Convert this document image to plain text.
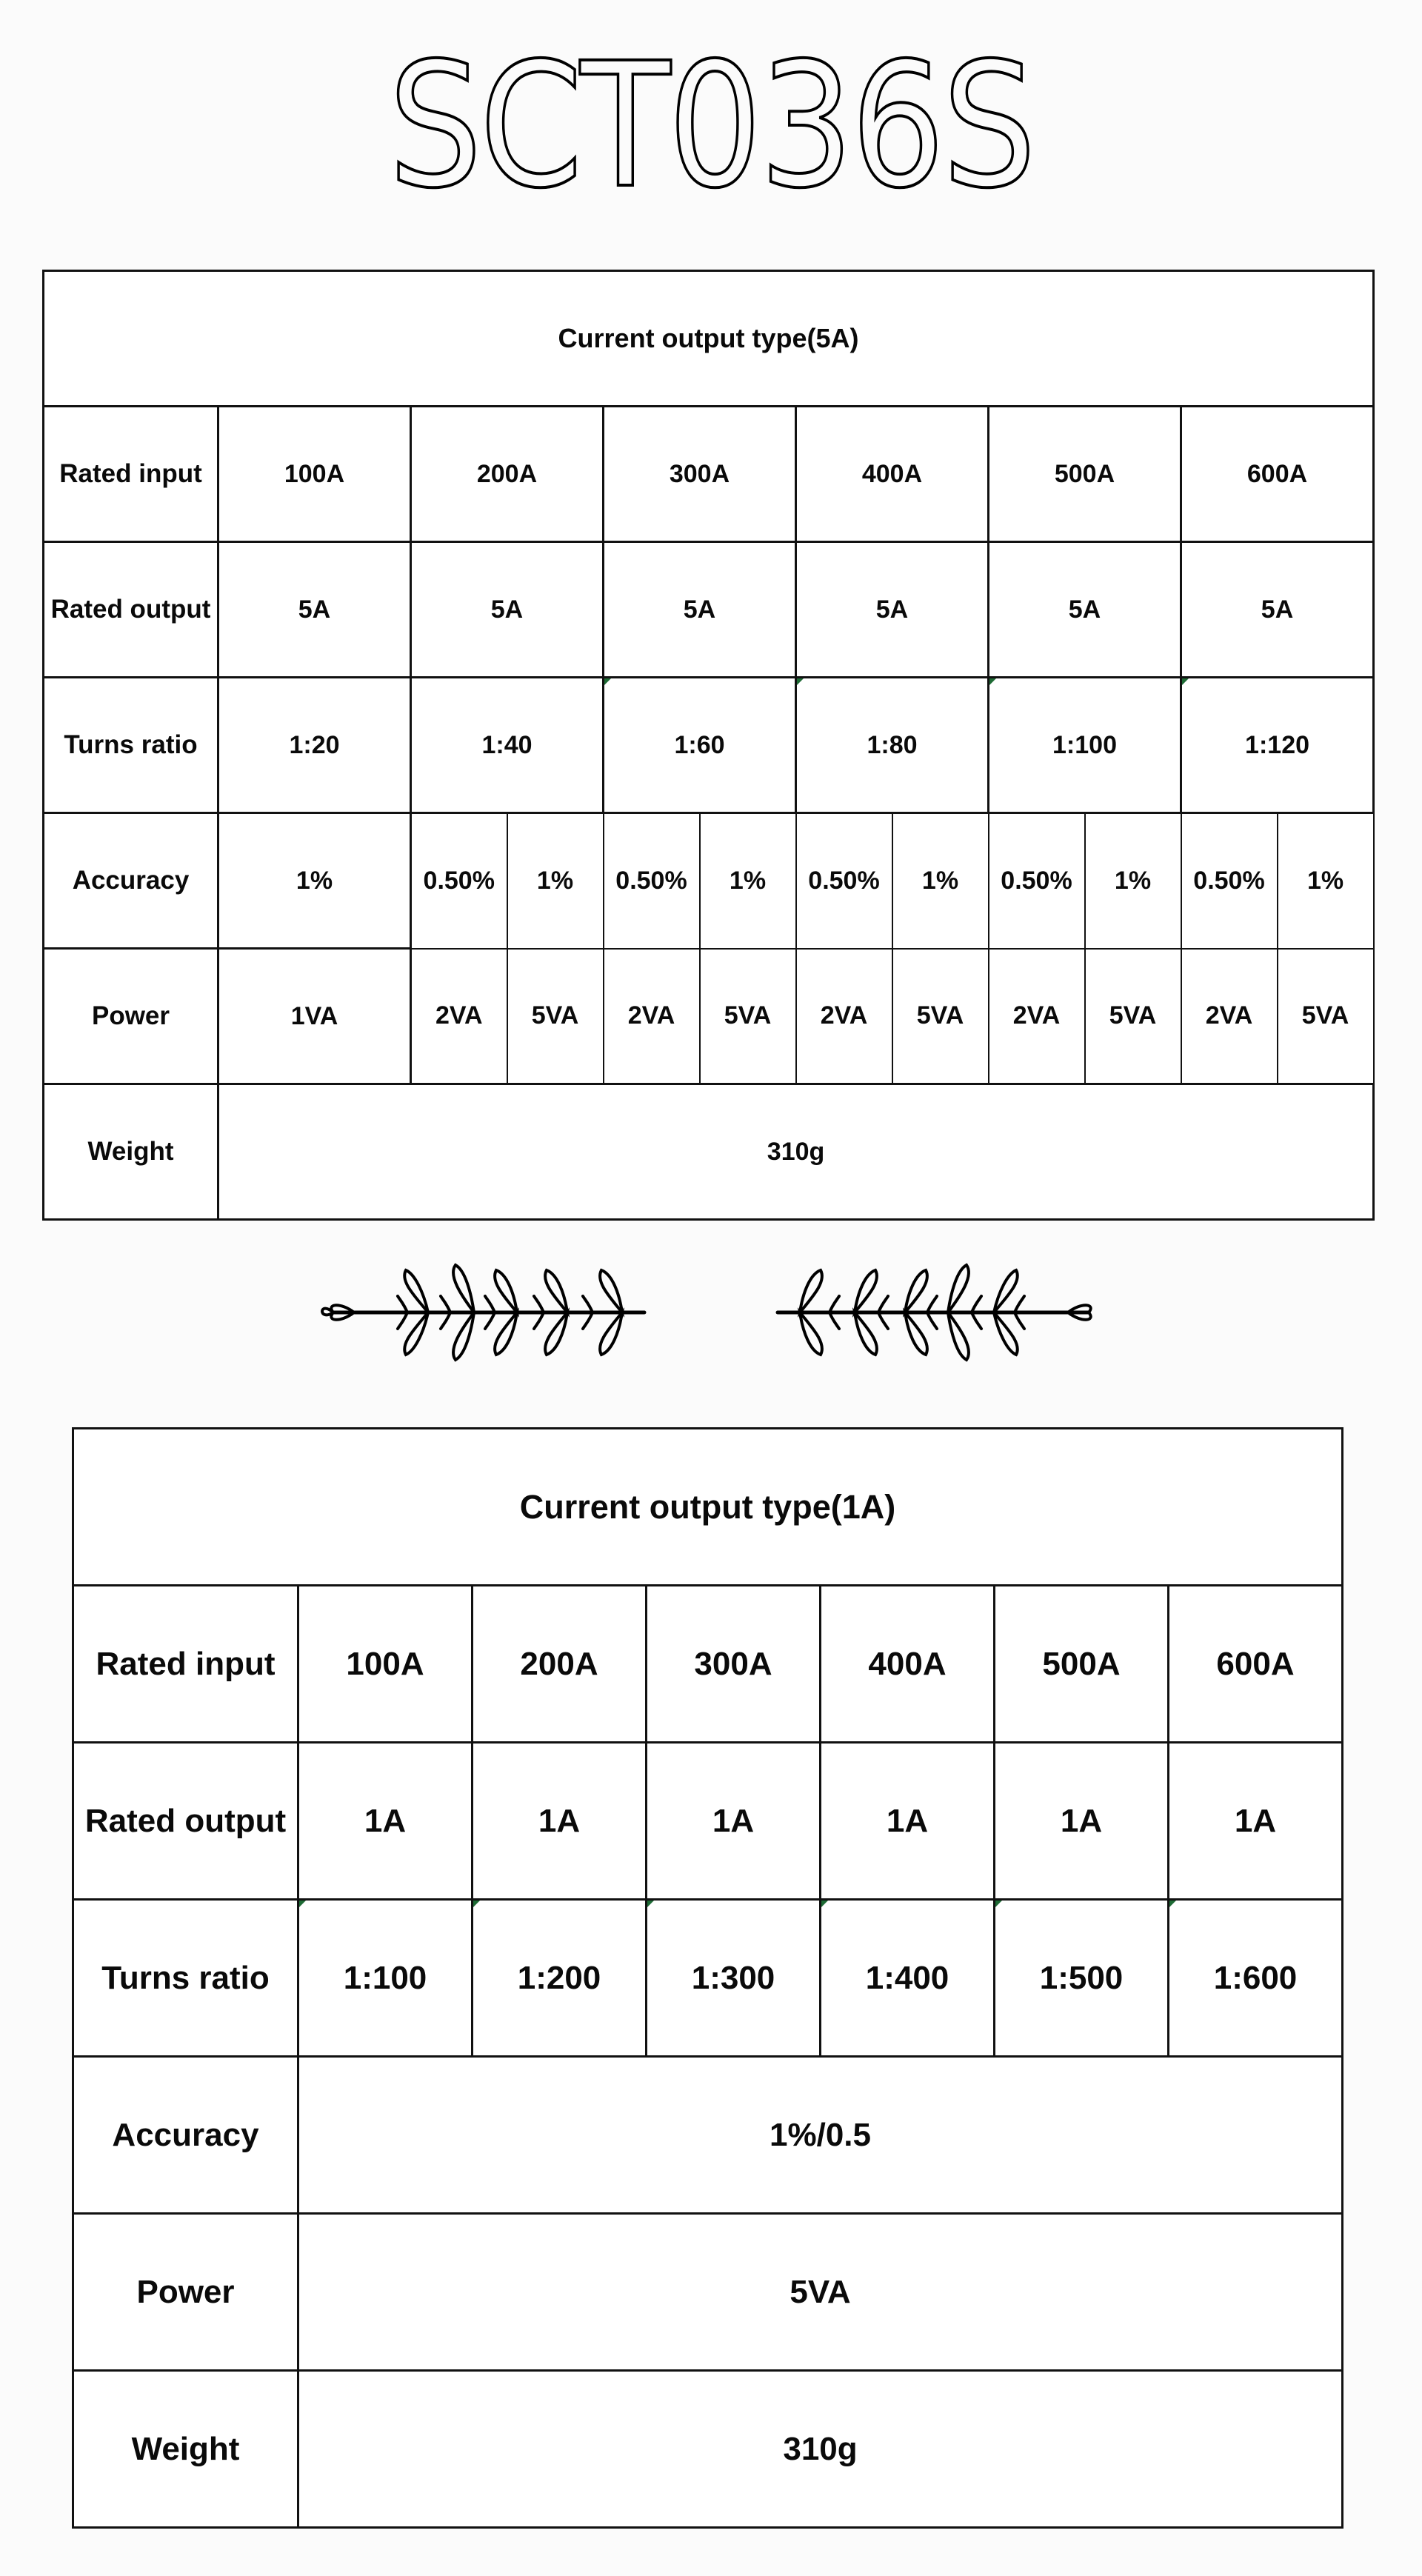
SCT036S
Current output type(5A)											
Rated input	100A	200A		300A		400A		500A		600A	
Rated output	5A	5A		5A		5A		5A		5A	
Turns ratio	1:20	1:40		1:60		1:80		1:100		1:120	
Accuracy	1%	0.50%	1%	0.50%	1%	0.50%	1%	0.50%	1%	0.50%	1%
Power	1VA	2VA	5VA	2VA	5VA	2VA	5VA	2VA	5VA	2VA	5VA
Weight	310g										
Current output type(1A)						
Rated input	100A	200A	300A	400A	500A	600A
Rated output	1A	1A	1A	1A	1A	1A
Turns ratio	1:100	1:200	1:300	1:400	1:500	1:600
Accuracy	1%/0.5					
Power	5VA					
Weight	310g					
